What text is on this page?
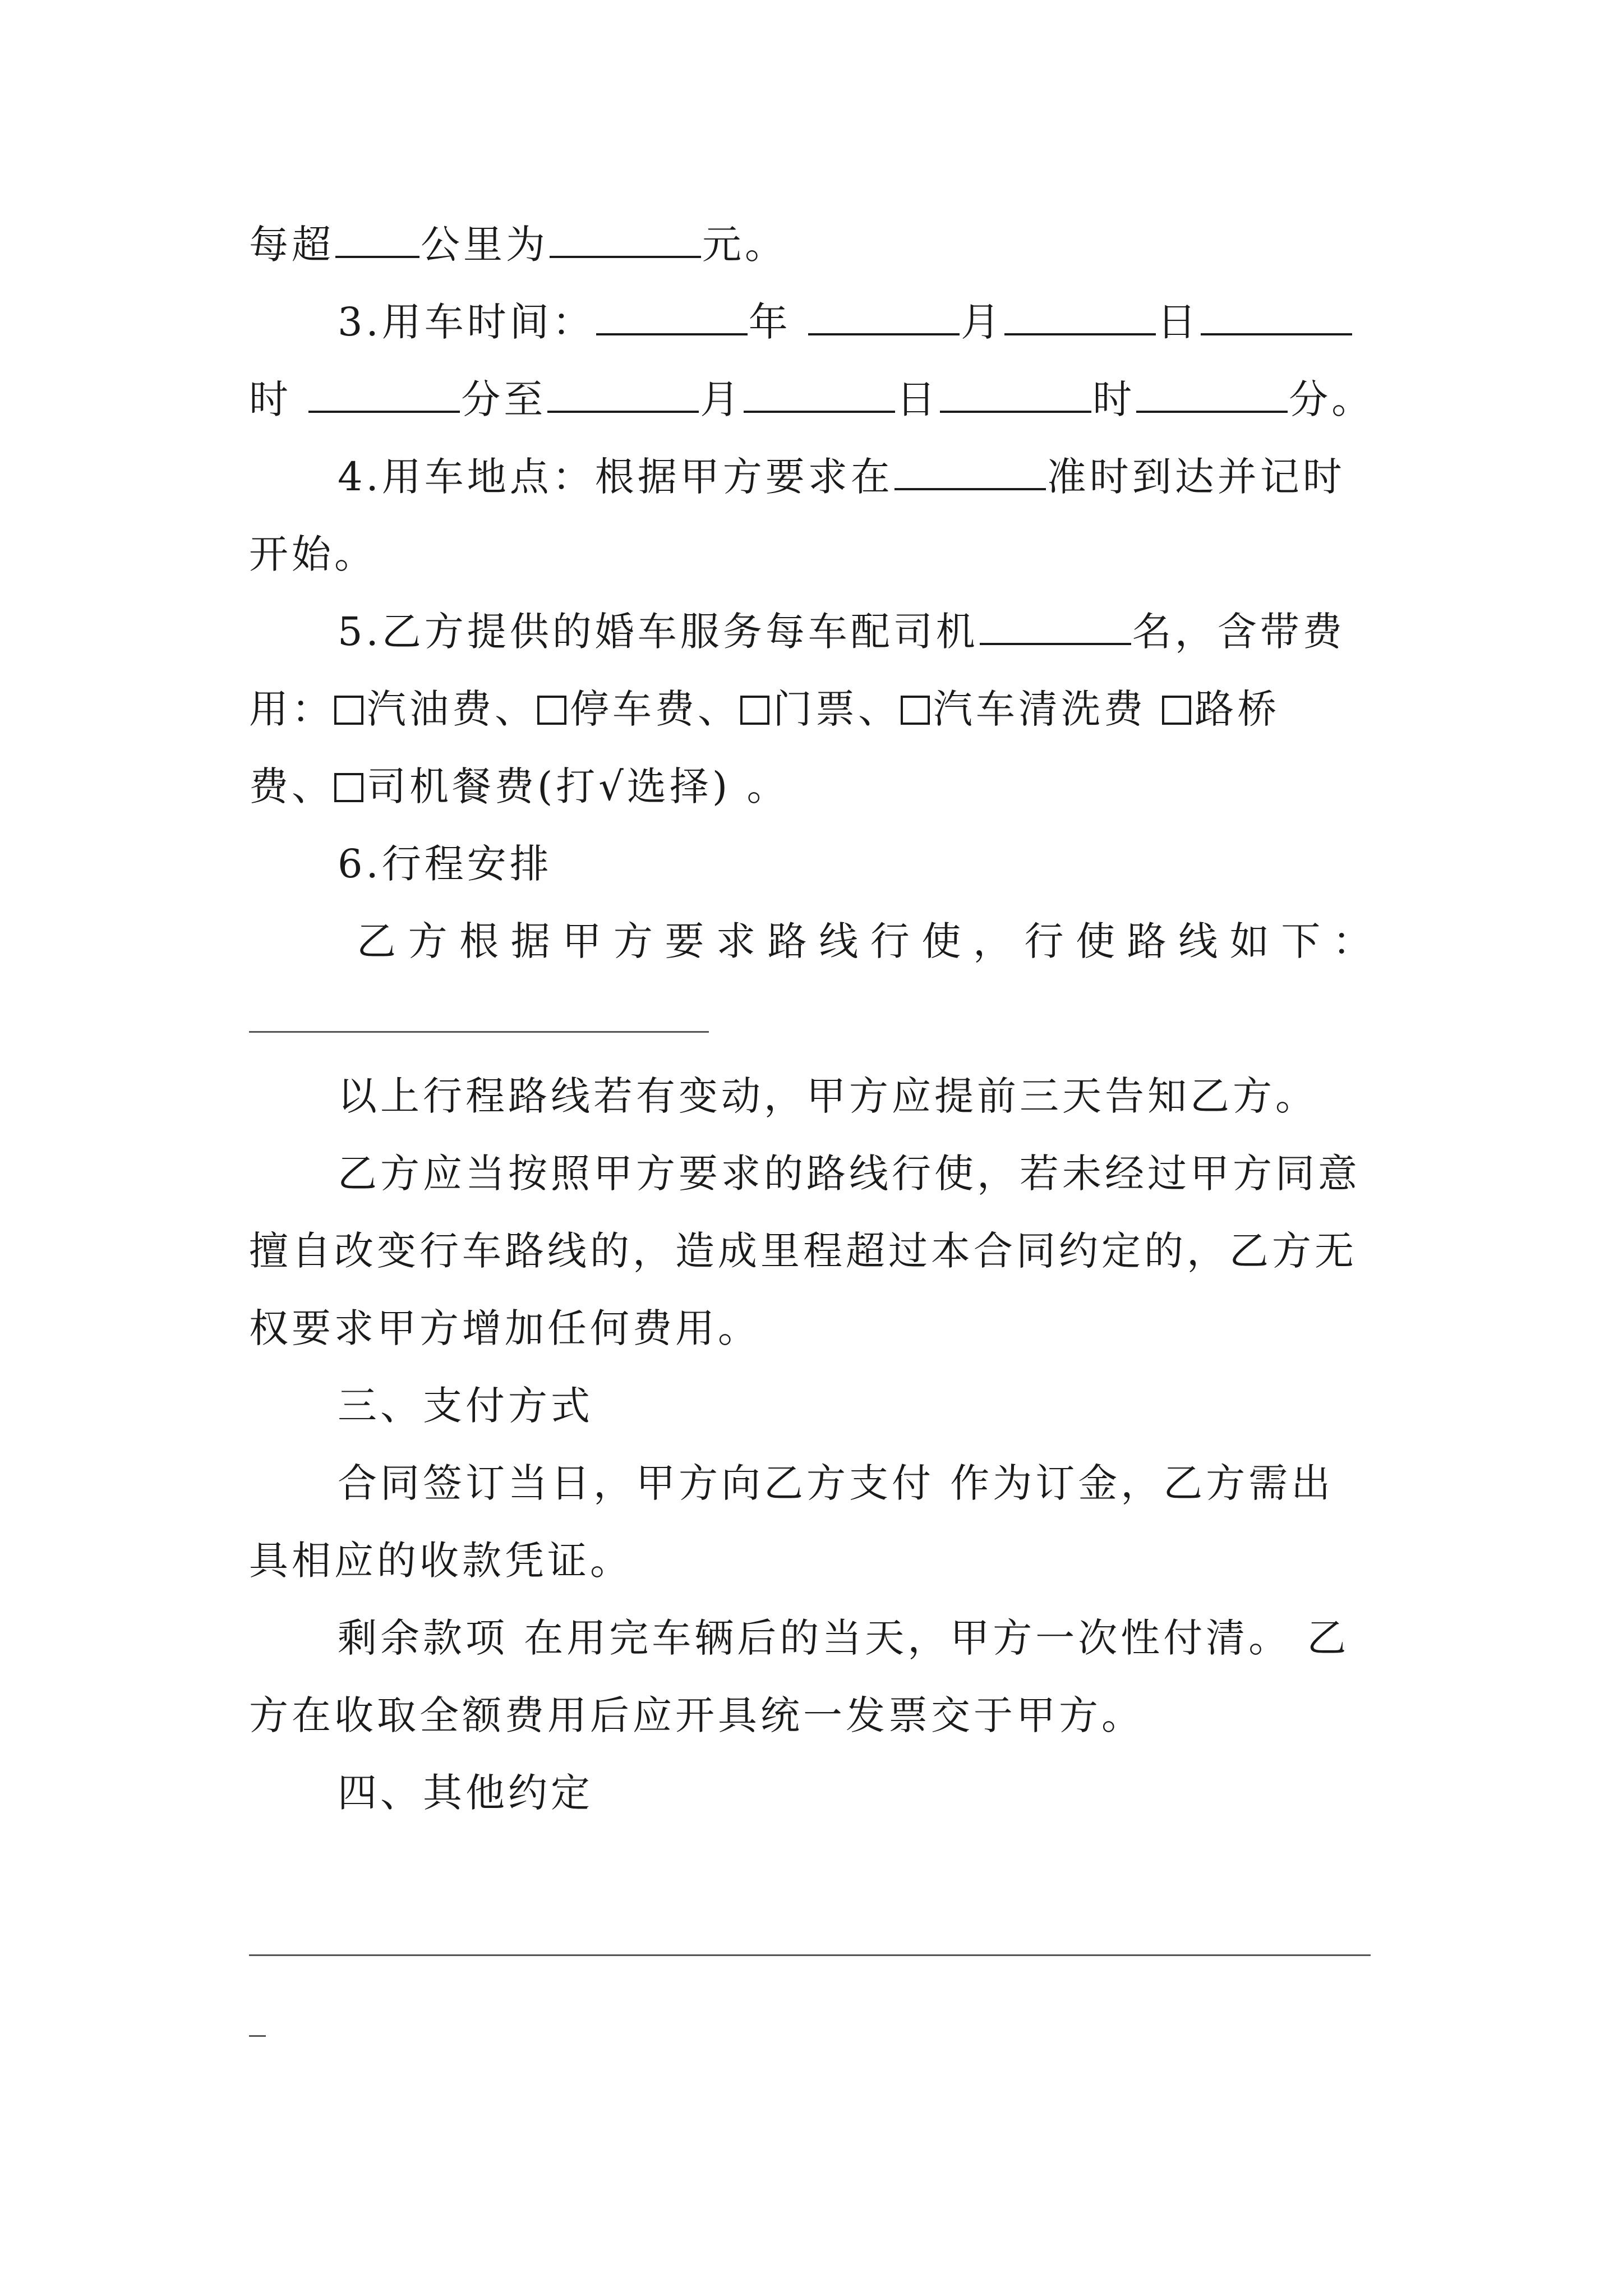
每超 公里为	元。
3.用车时间：	年	月	日
时	分至	月	日	时	分。
4.用车地点：根据甲方要求在	准时到达并记时
开始。
5.乙方提供的婚车服务每车配司机	名，含带费
用： 汽油费、 停车费、 门票、 汽车清洗费 路桥
费、 司机餐费(打√选择) 。
6.行程安排
乙 方 根 据 甲 方 要 求 路 线 行 使 ， 行 使 路 线 如 下 ：
以上行程路线若有变动，甲方应提前三天告知乙方。
乙方应当按照甲方要求的路线行使，若未经过甲方同意
擅自改变行车路线的，造成里程超过本合同约定的，乙方无
权要求甲方增加任何费用。
三、支付方式
合同签订当日，甲方向乙方支付 作为订金，乙方需出
具相应的收款凭证。
剩余款项 在用完车辆后的当天，甲方一次性付清。 乙
方在收取全额费用后应开具统一发票交于甲方。
四、其他约定
